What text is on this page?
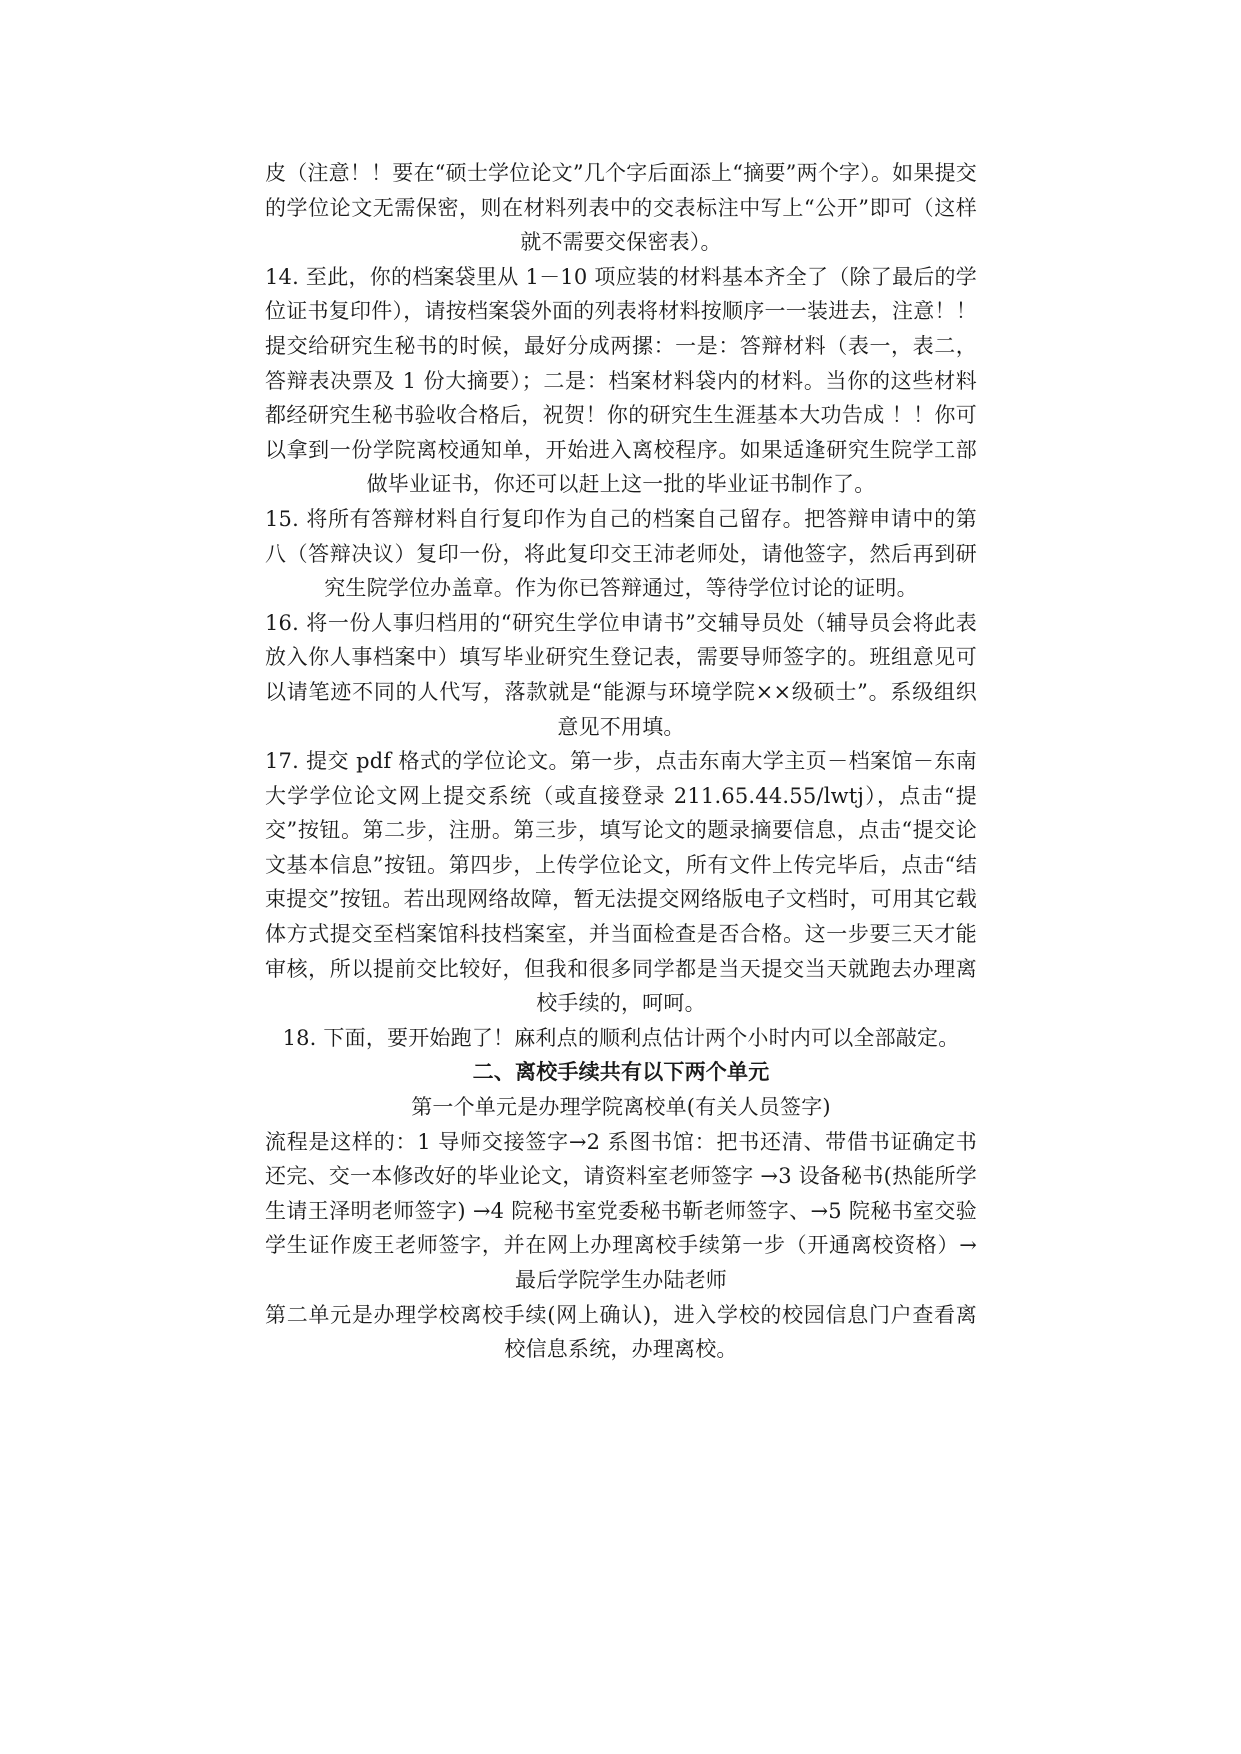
皮（注意！！要在“硕士学位论文”几个字后面添上“摘要”两个字）。如果提交的学位论文无需保密，则在材料列表中的交表标注中写上“公开”即可（这样就不需要交保密表）。

14. 至此，你的档案袋里从 1－10 项应装的材料基本齐全了（除了最后的学位证书复印件），请按档案袋外面的列表将材料按顺序一一装进去，注意！！提交给研究生秘书的时候，最好分成两摞：一是：答辩材料（表一，表二，答辩表决票及 1 份大摘要）；二是：档案材料袋内的材料。当你的这些材料都经研究生秘书验收合格后，祝贺！你的研究生生涯基本大功告成 ！！你可以拿到一份学院离校通知单，开始进入离校程序。如果适逢研究生院学工部做毕业证书，你还可以赶上这一批的毕业证书制作了。

15. 将所有答辩材料自行复印作为自己的档案自己留存。把答辩申请中的第八（答辩决议）复印一份，将此复印交王沛老师处，请他签字，然后再到研究生院学位办盖章。作为你已答辩通过，等待学位讨论的证明。

16. 将一份人事归档用的“研究生学位申请书”交辅导员处（辅导员会将此表放入你人事档案中）填写毕业研究生登记表，需要导师签字的。班组意见可以请笔迹不同的人代写，落款就是“能源与环境学院××级硕士”。系级组织意见不用填。

17. 提交 pdf 格式的学位论文。第一步，点击东南大学主页－档案馆－东南大学学位论文网上提交系统（或直接登录 211.65.44.55/lwtj），点击“提交”按钮。第二步，注册。第三步，填写论文的题录摘要信息，点击“提交论文基本信息”按钮。第四步，上传学位论文，所有文件上传完毕后，点击“结束提交”按钮。若出现网络故障，暂无法提交网络版电子文档时，可用其它载体方式提交至档案馆科技档案室，并当面检查是否合格。这一步要三天才能审核，所以提前交比较好，但我和很多同学都是当天提交当天就跑去办理离校手续的，呵呵。

18. 下面，要开始跑了！麻利点的顺利点估计两个小时内可以全部敲定。

二、离校手续共有以下两个单元

第一个单元是办理学院离校单(有关人员签字)

流程是这样的：1 导师交接签字→2 系图书馆：把书还清、带借书证确定书还完、交一本修改好的毕业论文，请资料室老师签字 →3 设备秘书(热能所学生请王泽明老师签字) →4 院秘书室党委秘书靳老师签字、→5 院秘书室交验学生证作废王老师签字，并在网上办理离校手续第一步（开通离校资格）→最后学院学生办陆老师

第二单元是办理学校离校手续(网上确认)，进入学校的校园信息门户查看离校信息系统，办理离校。
